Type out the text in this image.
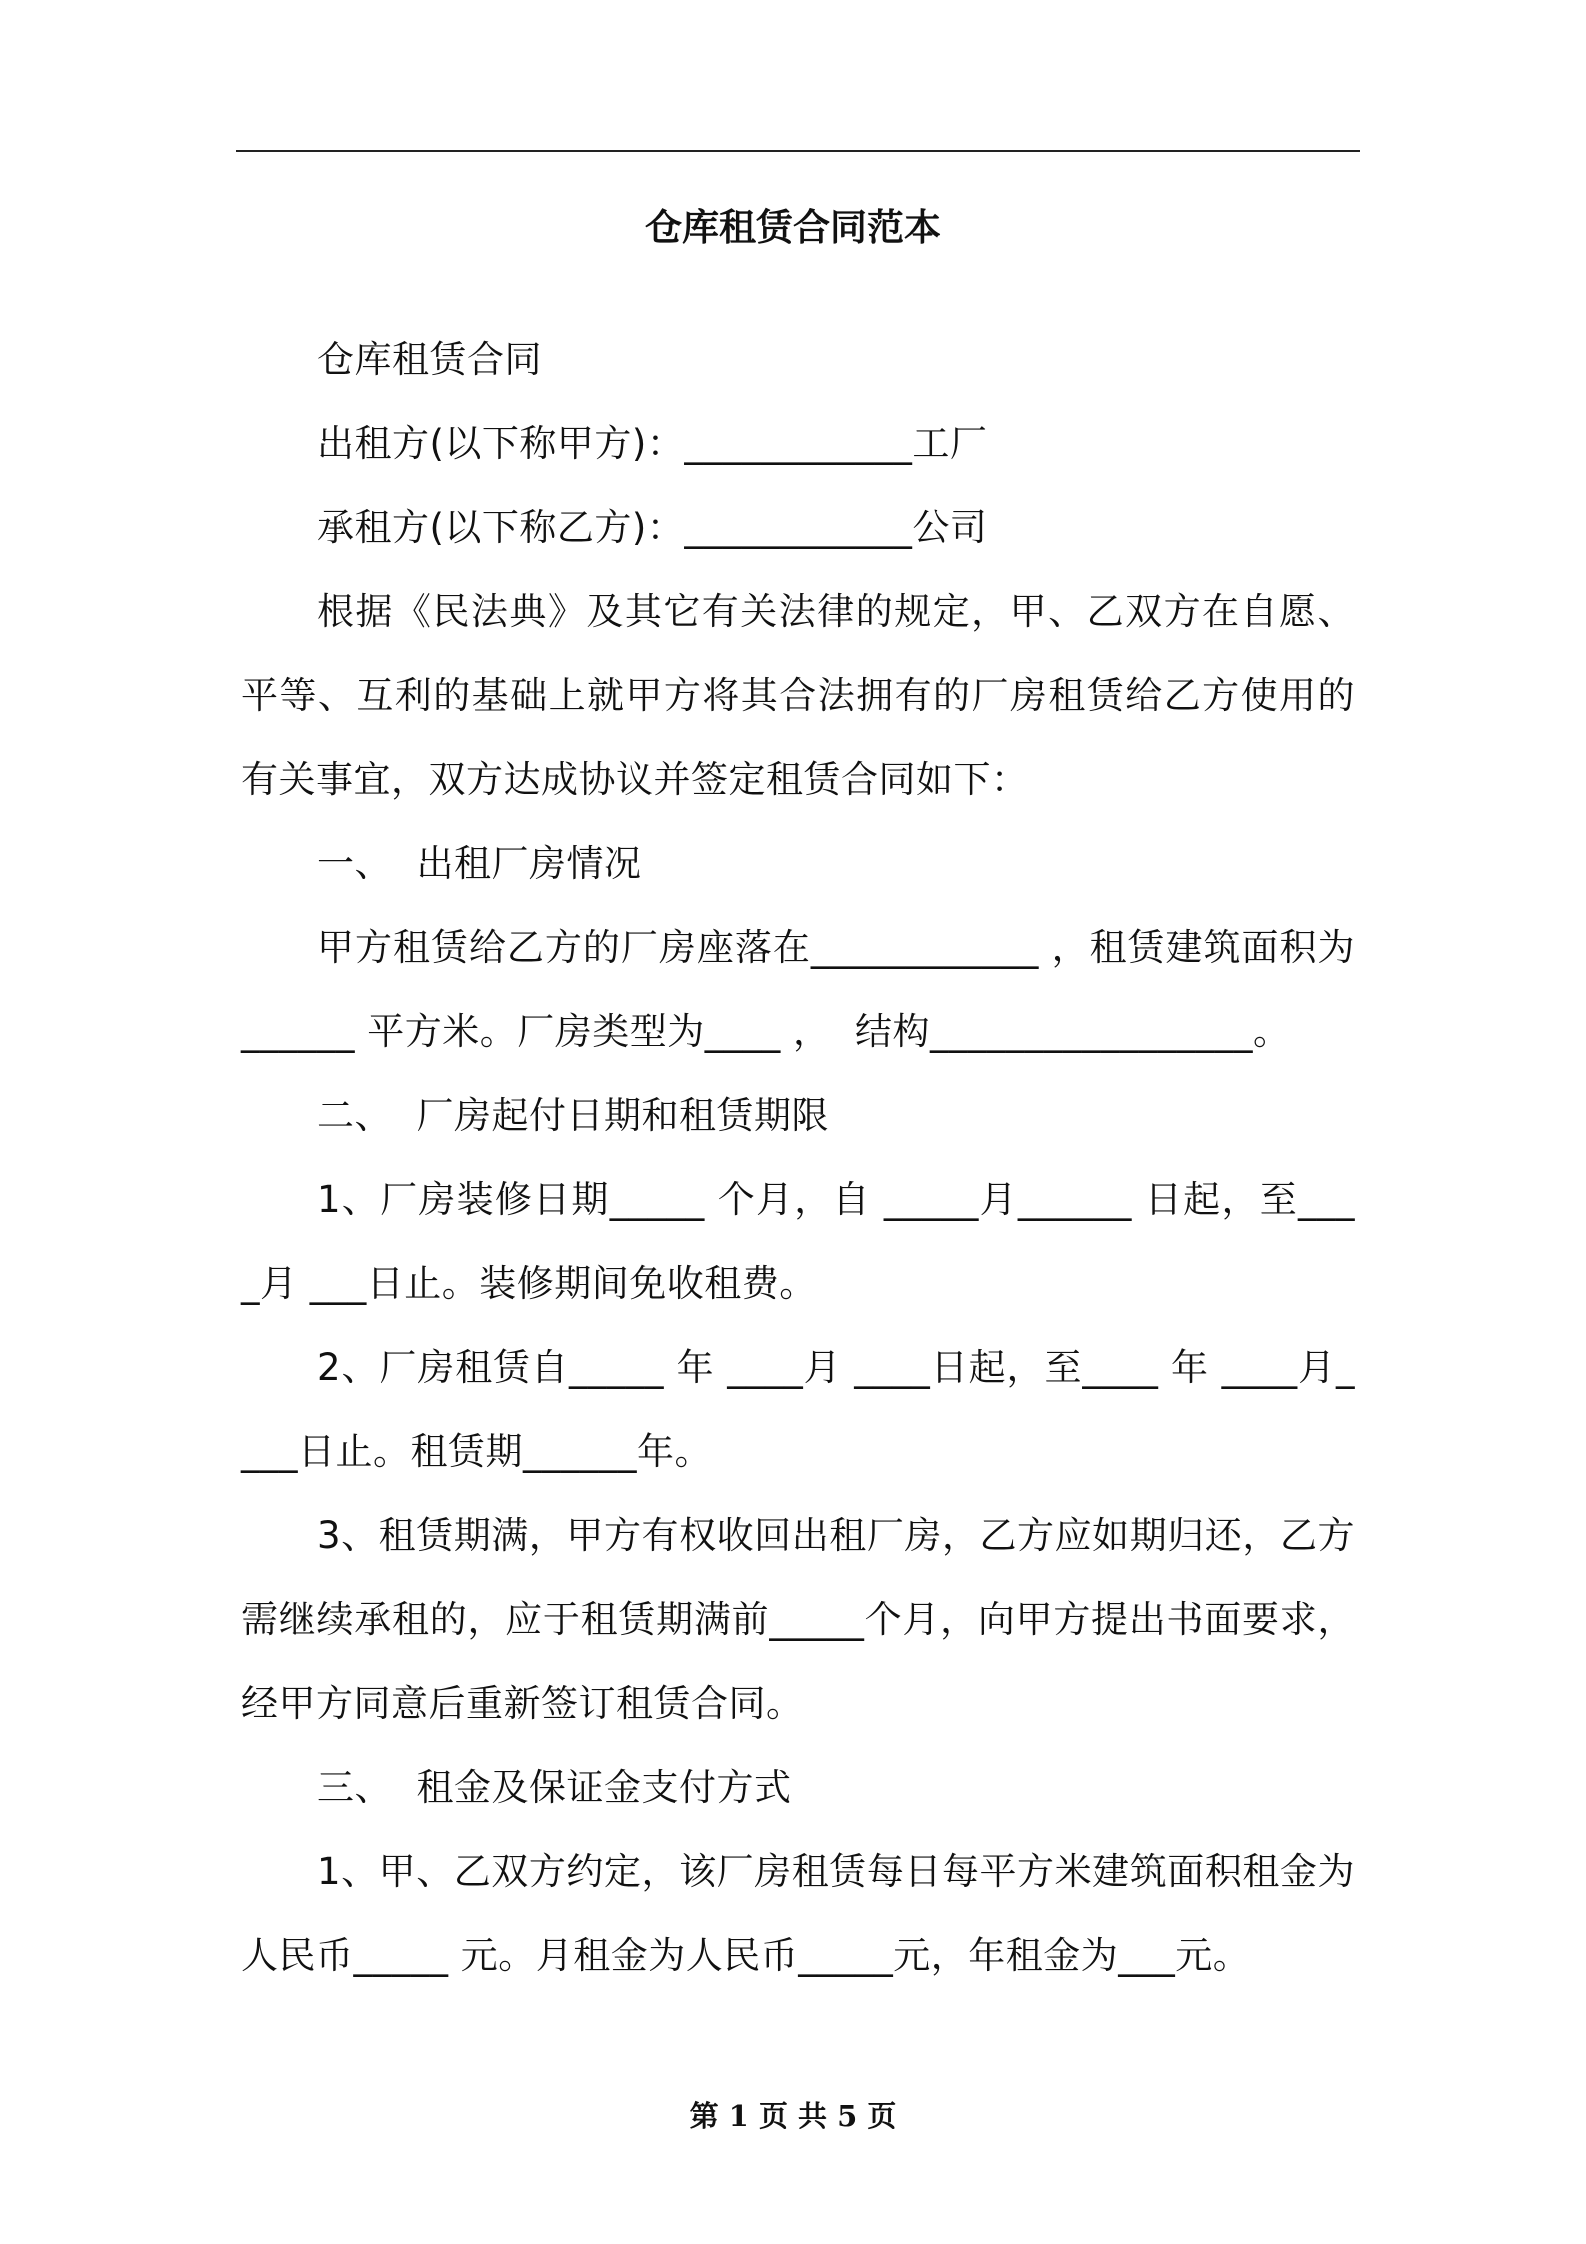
仓库租赁合同范本

仓库租赁合同

出租方(以下称甲方)：____________工厂

承租方(以下称乙方)：____________公司

根据《民法典》及其它有关法律的规定，甲、乙双方在自愿、平等、互利的基础上就甲方将其合法拥有的厂房租赁给乙方使用的有关事宜，双方达成协议并签定租赁合同如下：

一、  出租厂房情况

甲方租赁给乙方的厂房座落在____________ ，租赁建筑面积为______ 平方米。厂房类型为____ ，  结构_________________。

二、  厂房起付日期和租赁期限

1、厂房装修日期_____ 个月，自 _____月______ 日起，至____月 ___日止。装修期间免收租费。

2、厂房租赁自_____ 年 ____月 ____日起，至____ 年 ____月____日止。租赁期______年。

3、租赁期满，甲方有权收回出租厂房，乙方应如期归还，乙方需继续承租的，应于租赁期满前_____个月，向甲方提出书面要求，经甲方同意后重新签订租赁合同。

三、  租金及保证金支付方式

1、甲、乙双方约定，该厂房租赁每日每平方米建筑面积租金为人民币_____ 元。月租金为人民币_____元，年租金为___元。

第 1 页 共 5 页
